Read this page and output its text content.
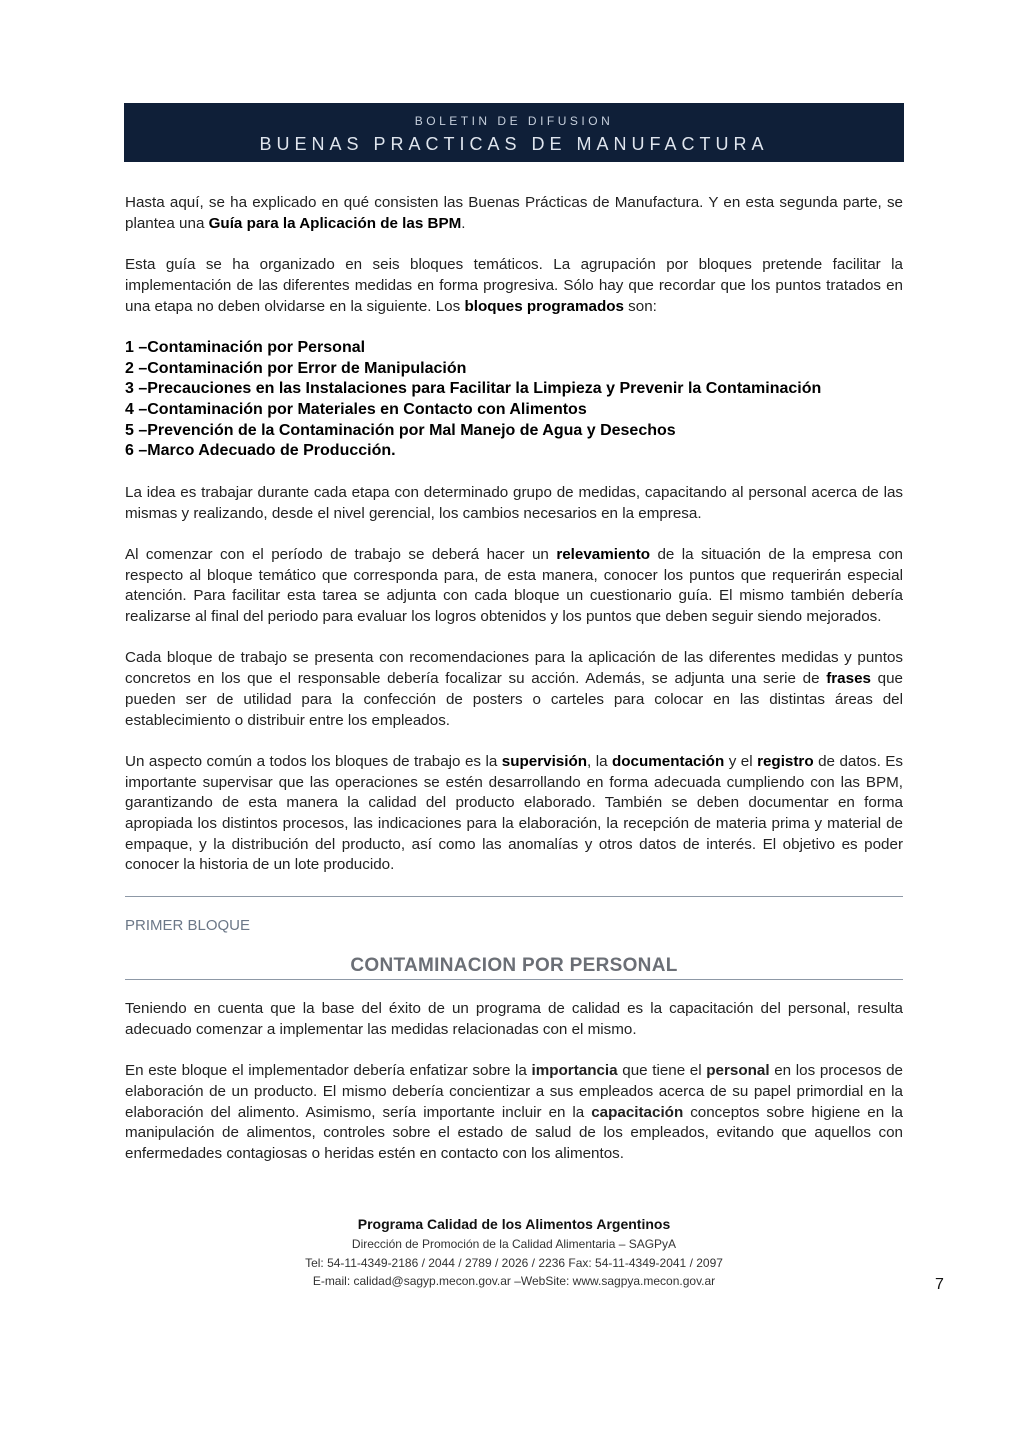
BOLETIN DE DIFUSION
BUENAS PRACTICAS DE MANUFACTURA

Hasta aquí, se ha explicado en qué consisten las Buenas Prácticas de Manufactura. Y en esta segunda parte, se plantea una Guía para la Aplicación de las BPM.

Esta guía se ha organizado en seis bloques temáticos. La agrupación por bloques pretende facilitar la implementación de las diferentes medidas en forma progresiva. Sólo hay que recordar que los puntos tratados en una etapa no deben olvidarse en la siguiente. Los bloques programados son:

1 –Contaminación por Personal
2 –Contaminación por Error de Manipulación
3 –Precauciones en las Instalaciones para Facilitar la Limpieza y Prevenir la Contaminación
4 –Contaminación por Materiales en Contacto con Alimentos
5 –Prevención de la Contaminación por Mal Manejo de Agua y Desechos
6 –Marco Adecuado de Producción.

La idea es trabajar durante cada etapa con determinado grupo de medidas, capacitando al personal acerca de las mismas y realizando, desde el nivel gerencial, los cambios necesarios en la empresa.

Al comenzar con el período de trabajo se deberá hacer un relevamiento de la situación de la empresa con respecto al bloque temático que corresponda para, de esta manera, conocer los puntos que requerirán especial atención. Para facilitar esta tarea se adjunta con cada bloque un cuestionario guía. El mismo también debería realizarse al final del periodo para evaluar los logros obtenidos y los puntos que deben seguir siendo mejorados.

Cada bloque de trabajo se presenta con recomendaciones para la aplicación de las diferentes medidas y puntos concretos en los que el responsable debería focalizar su acción. Además, se adjunta una serie de frases que pueden ser de utilidad para la confección de posters o carteles para colocar en las distintas áreas del establecimiento o distribuir entre los empleados.

Un aspecto común a todos los bloques de trabajo es la supervisión, la documentación y el registro de datos. Es importante supervisar que las operaciones se estén desarrollando en forma adecuada cumpliendo con las BPM, garantizando de esta manera la calidad del producto elaborado. También se deben documentar en forma apropiada los distintos procesos, las indicaciones para la elaboración, la recepción de materia prima y material de empaque, y la distribución del producto, así como las anomalías y otros datos de interés. El objetivo es poder conocer la historia de un lote producido.

PRIMER BLOQUE
CONTAMINACION POR PERSONAL

Teniendo en cuenta que la base del éxito de un programa de calidad es la capacitación del personal, resulta adecuado comenzar a implementar las medidas relacionadas con el mismo.

En este bloque el implementador debería enfatizar sobre la importancia que tiene el personal en los procesos de elaboración de un producto. El mismo debería concientizar a sus empleados acerca de su papel primordial en la elaboración del alimento. Asimismo, sería importante incluir en la capacitación conceptos sobre higiene en la manipulación de alimentos, controles sobre el estado de salud de los empleados, evitando que aquellos con enfermedades contagiosas o heridas estén en contacto con los alimentos.

Programa Calidad de los Alimentos Argentinos
Dirección de Promoción de la Calidad Alimentaria – SAGPyA
Tel: 54-11-4349-2186 / 2044 / 2789 / 2026 / 2236 Fax: 54-11-4349-2041 / 2097
E-mail: calidad@sagyp.mecon.gov.ar –WebSite: www.sagpya.mecon.gov.ar	7
